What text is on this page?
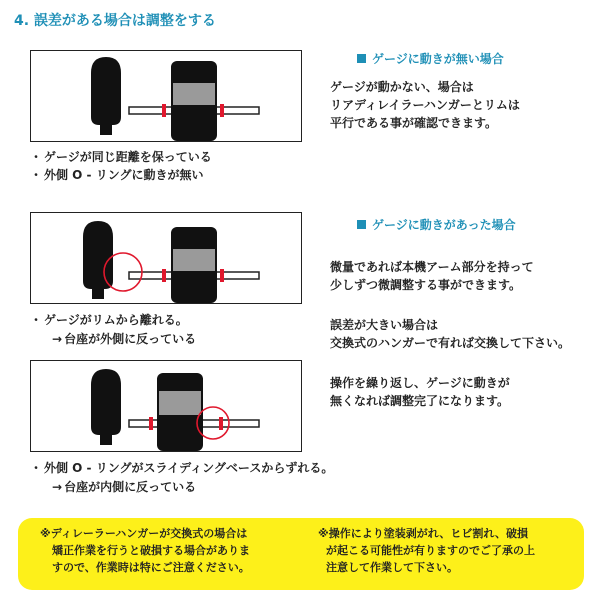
4. 誤差がある場合は調整をする
・ ゲージが同じ距離を保っている
・ 外側 O - リングに動きが無い
・ ゲージがリムから離れる。
→ 台座が外側に反っている
・ 外側 O - リングがスライディングベースからずれる。
→ 台座が内側に反っている
ゲージに動きが無い場合
ゲージが動かない、場合は
リアディレイラーハンガーとリムは
平行である事が確認できます。
ゲージに動きがあった場合
微量であれば本機アーム部分を持って
少しずつ微調整する事ができます。
誤差が大きい場合は
交換式のハンガーで有れば交換して下さい。
操作を繰り返し、ゲージに動きが
無くなれば調整完了になります。
※ディレーラーハンガーが交換式の場合は
矯正作業を行うと破損する場合がありま
すので、作業時は特にご注意ください。
※操作により塗装剥がれ、ヒビ割れ、破損
が起こる可能性が有りますのでご了承の上
注意して作業して下さい。
